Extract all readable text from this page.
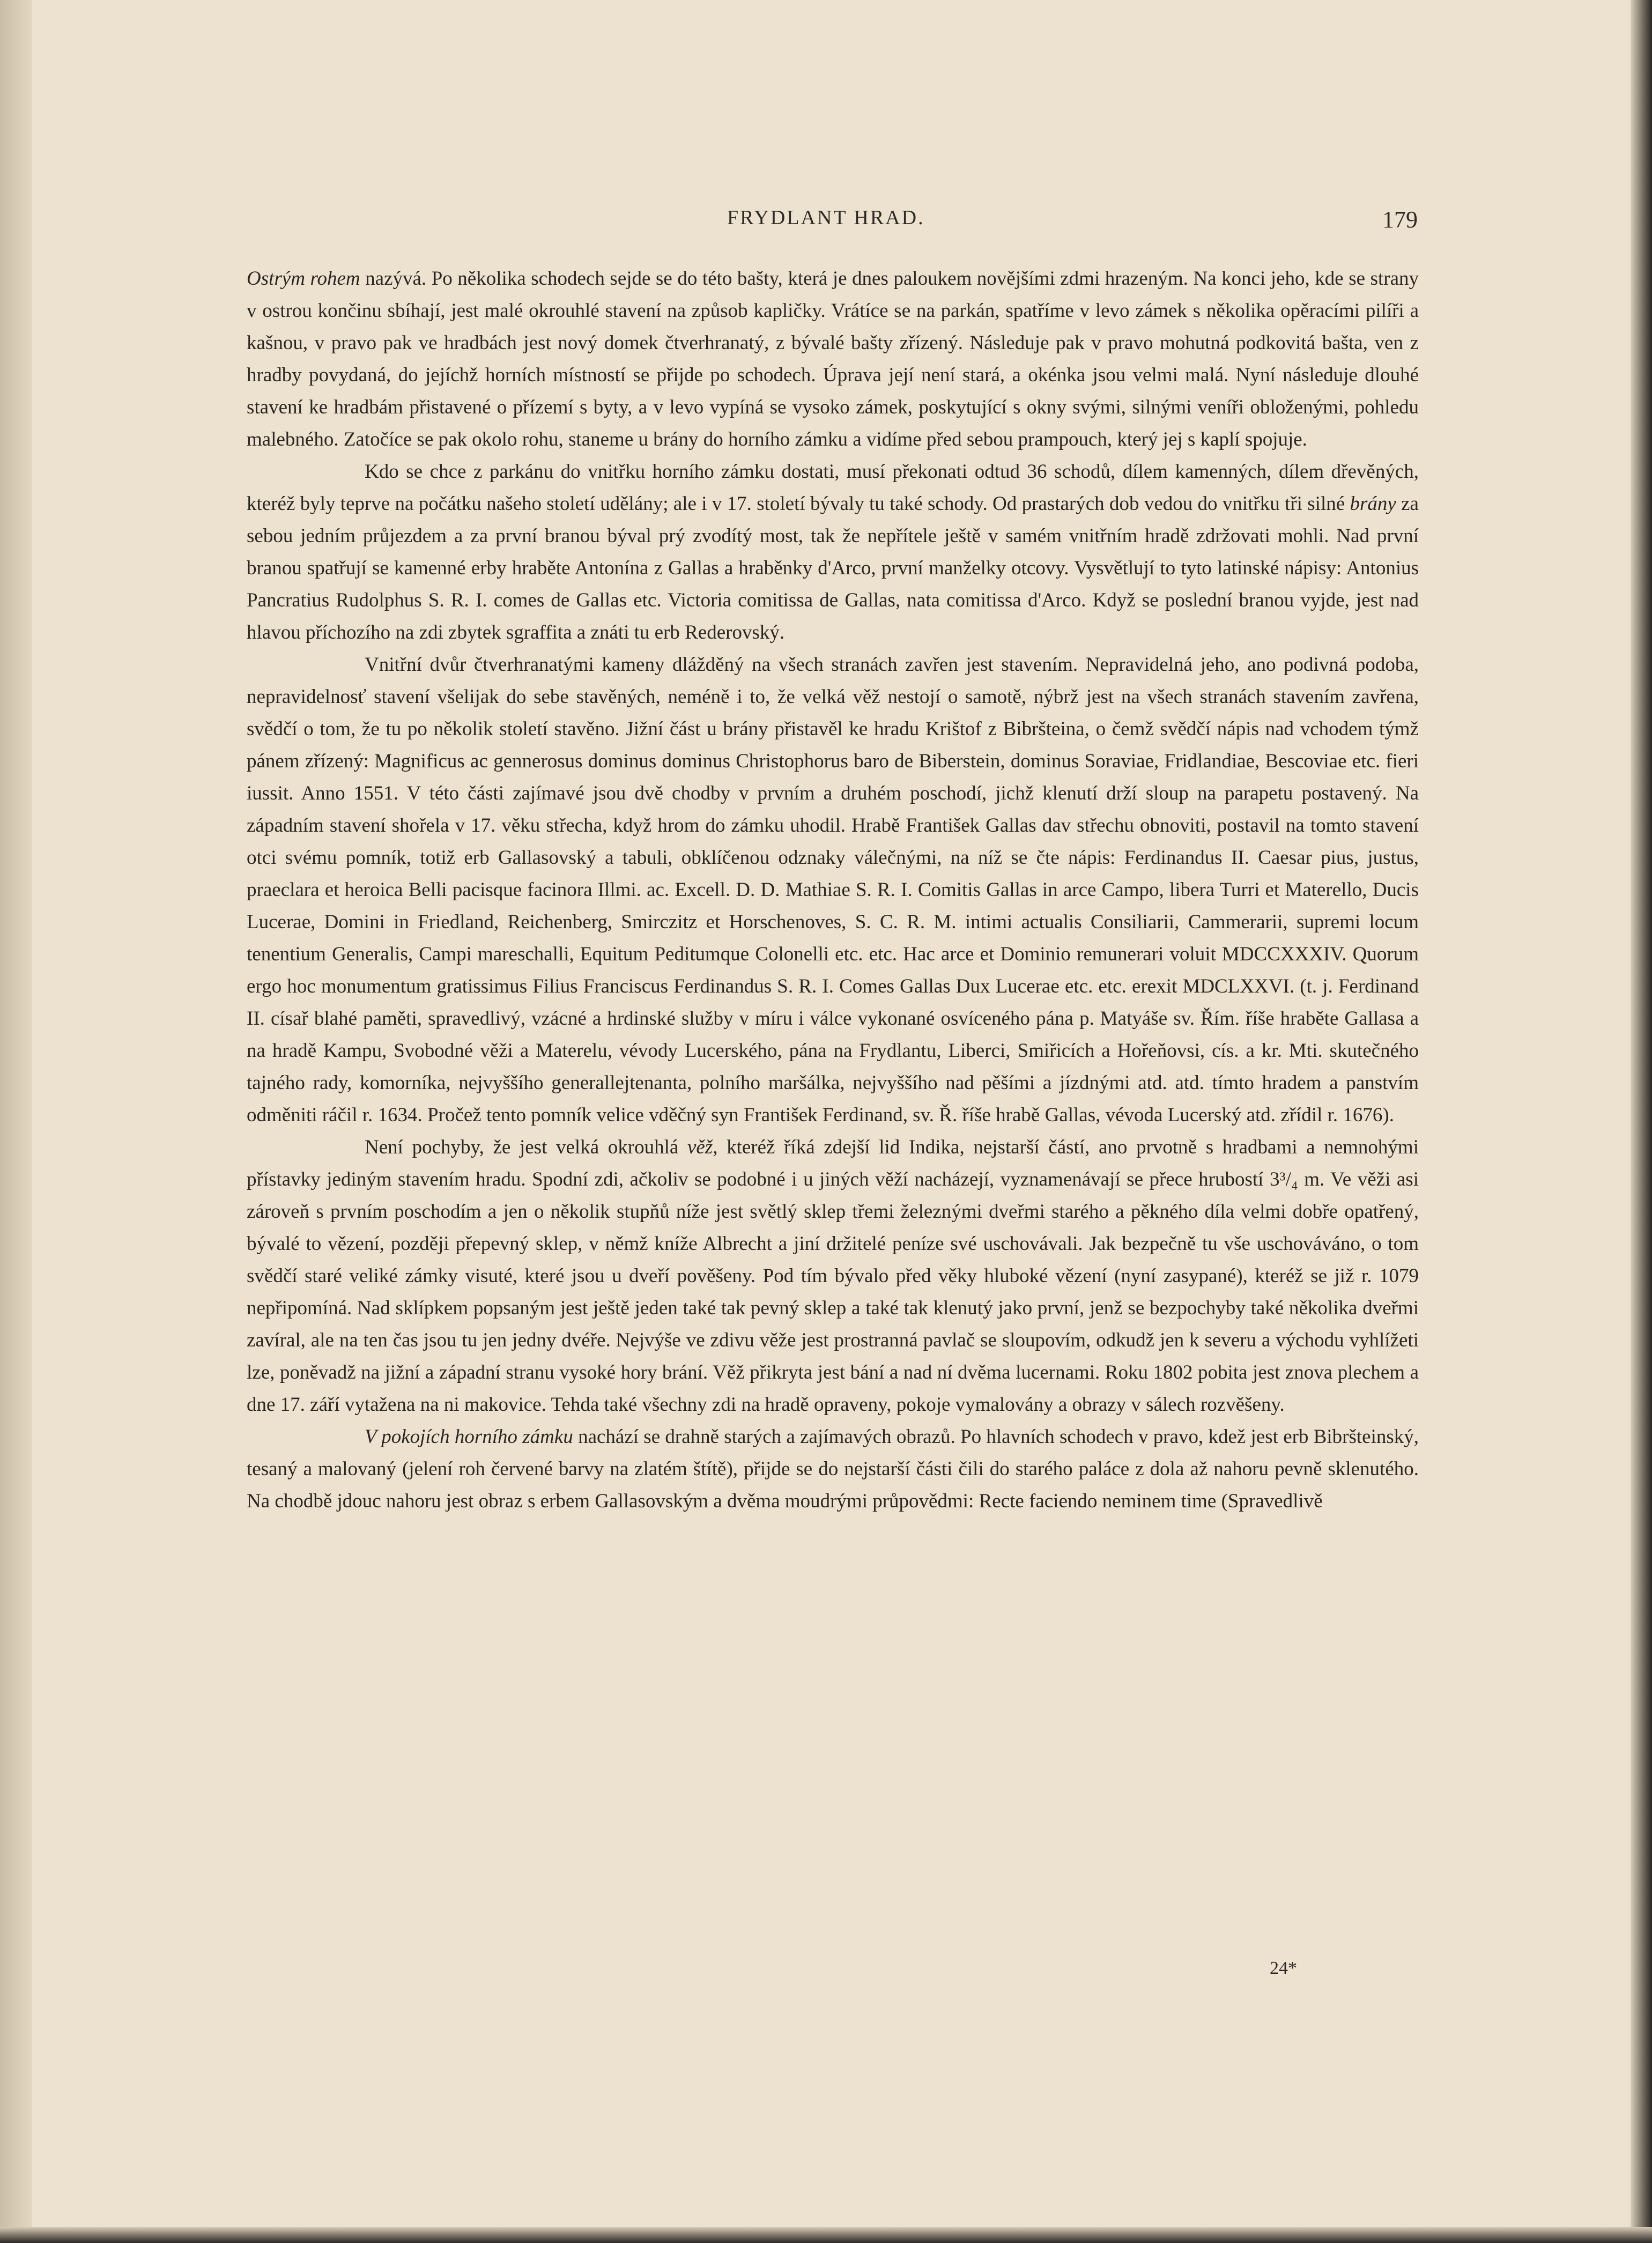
FRYDLANT HRAD.	179

Ostrým rohem nazývá. Po několika schodech sejde se do této bašty, která je dnes paloukem novějšími zdmi hrazeným. Na konci jeho, kde se strany v ostrou končinu sbíhají, jest malé okrouhlé stavení na způsob kapličky. Vrátíce se na parkán, spatříme v levo zámek s několika opěracími pilíři a kašnou, v pravo pak ve hradbách jest nový domek čtverhranatý, z bývalé bašty zřízený. Následuje pak v pravo mohutná podkovitá bašta, ven z hradby povydaná, do jejíchž horních místností se přijde po schodech. Úprava její není stará, a okénka jsou velmi malá. Nyní následuje dlouhé stavení ke hradbám přistavené o přízemí s byty, a v levo vypíná se vysoko zámek, poskytující s okny svými, silnými veníři obloženými, pohledu malebného. Zatočíce se pak okolo rohu, staneme u brány do horního zámku a vidíme před sebou prampouch, který jej s kaplí spojuje.

Kdo se chce z parkánu do vnitřku horního zámku dostati, musí překonati odtud 36 schodů, dílem kamenných, dílem dřevěných, kteréž byly teprve na počátku našeho století udělány; ale i v 17. století bývaly tu také schody. Od prastarých dob vedou do vnitřku tři silné brány za sebou jedním průjezdem a za první branou býval prý zvodítý most, tak že nepřítele ještě v samém vnitřním hradě zdržovati mohli. Nad první branou spatřují se kamenné erby hraběte Antonína z Gallas a hraběnky d'Arco, první manželky otcovy. Vysvětlují to tyto latinské nápisy: Antonius Pancratius Rudolphus S. R. I. comes de Gallas etc. Victoria comitissa de Gallas, nata comitissa d'Arco. Když se poslední branou vyjde, jest nad hlavou příchozího na zdi zbytek sgraffita a znáti tu erb Rederovský.

Vnitřní dvůr čtverhranatými kameny dlážděný na všech stranách zavřen jest stavením. Nepravidelná jeho, ano podivná podoba, nepravidelnosť stavení všelijak do sebe stavěných, neméně i to, že velká věž nestojí o samotě, nýbrž jest na všech stranách stavením zavřena, svědčí o tom, že tu po několik století stavěno. Jižní část u brány přistavěl ke hradu Krištof z Bibršteina, o čemž svědčí nápis nad vchodem týmž pánem zřízený: Magnificus ac gennerosus dominus dominus Christophorus baro de Biberstein, dominus Soraviae, Fridlandiae, Bescoviae etc. fieri iussit. Anno 1551. V této části zajímavé jsou dvě chodby v prvním a druhém poschodí, jichž klenutí drží sloup na parapetu postavený. Na západním stavení shořela v 17. věku střecha, když hrom do zámku uhodil. Hrabě František Gallas dav střechu obnoviti, postavil na tomto stavení otci svému pomník, totiž erb Gallasovský a tabuli, obklíčenou odznaky válečnými, na níž se čte nápis: Ferdinandus II. Caesar pius, justus, praeclara et heroica Belli pacisque facinora Illmi. ac. Excell. D. D. Mathiae S. R. I. Comitis Gallas in arce Campo, libera Turri et Materello, Ducis Lucerae, Domini in Friedland, Reichenberg, Smirczitz et Horschenoves, S. C. R. M. intimi actualis Consiliarii, Cammerarii, supremi locum tenentium Generalis, Campi mareschalli, Equitum Peditumque Colonelli etc. etc. Hac arce et Dominio remunerari voluit MDCCXXXIV. Quorum ergo hoc monumentum gratissimus Filius Franciscus Ferdinandus S. R. I. Comes Gallas Dux Lucerae etc. etc. erexit MDCLXXVI. (t. j. Ferdinand II. císař blahé paměti, spravedlivý, vzácné a hrdinské služby v míru i válce vykonané osvíceného pána p. Matyáše sv. Řím. říše hraběte Gallasa a na hradě Kampu, Svobodné věži a Materelu, vévody Lucerského, pána na Frydlantu, Liberci, Smiřicích a Hořeňovsi, cís. a kr. Mti. skutečného tajného rady, komorníka, nejvyššího generallejtenanta, polního maršálka, nejvyššího nad pěšími a jízdnými atd. atd. tímto hradem a panstvím odměniti ráčil r. 1634. Pročež tento pomník velice vděčný syn František Ferdinand, sv. Ř. říše hrabě Gallas, vévoda Lucerský atd. zřídil r. 1676).

Není pochyby, že jest velká okrouhlá věž, kteréž říká zdejší lid Indika, nejstarší částí, ano prvotně s hradbami a nemnohými přístavky jediným stavením hradu. Spodní zdi, ačkoliv se podobné i u jiných věží nacházejí, vyznamenávají se přece hrubostí 3³/₄ m. Ve věži asi zároveň s prvním poschodím a jen o několik stupňů níže jest světlý sklep třemi železnými dveřmi starého a pěkného díla velmi dobře opatřený, bývalé to vězení, později přepevný sklep, v němž kníže Albrecht a jiní držitelé peníze své uschovávali. Jak bezpečně tu vše uschováváno, o tom svědčí staré veliké zámky visuté, které jsou u dveří pověšeny. Pod tím bývalo před věky hluboké vězení (nyní zasypané), kteréž se již r. 1079 nepřipomíná. Nad sklípkem popsaným jest ještě jeden také tak pevný sklep a také tak klenutý jako první, jenž se bezpochyby také několika dveřmi zavíral, ale na ten čas jsou tu jen jedny dvéře. Nejvýše ve zdivu věže jest prostranná pavlač se sloupovím, odkudž jen k severu a východu vyhlížeti lze, poněvadž na jižní a západní stranu vysoké hory brání. Věž přikryta jest bání a nad ní dvěma lucernami. Roku 1802 pobita jest znova plechem a dne 17. září vytažena na ni makovice. Tehda také všechny zdi na hradě opraveny, pokoje vymalovány a obrazy v sálech rozvěšeny.

V pokojích horního zámku nachází se drahně starých a zajímavých obrazů. Po hlavních schodech v pravo, kdež jest erb Bibršteinský, tesaný a malovaný (jelení roh červené barvy na zlatém štítě), přijde se do nejstarší části čili do starého paláce z dola až nahoru pevně sklenutého. Na chodbě jdouc nahoru jest obraz s erbem Gallasovským a dvěma moudrými průpovědmi: Recte faciendo neminem time (Spravedlivě

24*
